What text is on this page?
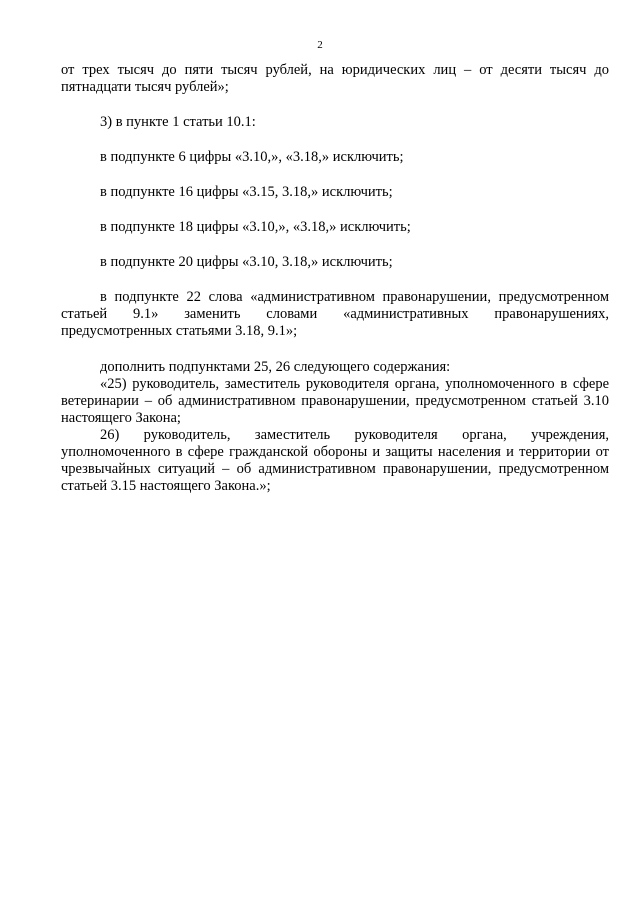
2

от трех тысяч до пяти тысяч рублей, на юридических лиц – от десяти тысяч до пятнадцати тысяч рублей»;

3) в пункте 1 статьи 10.1:

в подпункте 6 цифры «3.10,», «3.18,» исключить;

в подпункте 16 цифры «3.15, 3.18,» исключить;

в подпункте 18 цифры «3.10,», «3.18,» исключить;

в подпункте 20 цифры «3.10, 3.18,» исключить;

в подпункте 22 слова «административном правонарушении, предусмотренном статьей 9.1» заменить словами «административных правонарушениях, предусмотренных статьями 3.18, 9.1»;

дополнить подпунктами 25, 26 следующего содержания:

«25) руководитель, заместитель руководителя органа, уполномоченного в сфере ветеринарии – об административном правонарушении, предусмотренном статьей 3.10 настоящего Закона;

26) руководитель, заместитель руководителя органа, учреждения, уполномоченного в сфере гражданской обороны и защиты населения и территории от чрезвычайных ситуаций – об административном правонарушении, предусмотренном статьей 3.15 настоящего Закона.»;
